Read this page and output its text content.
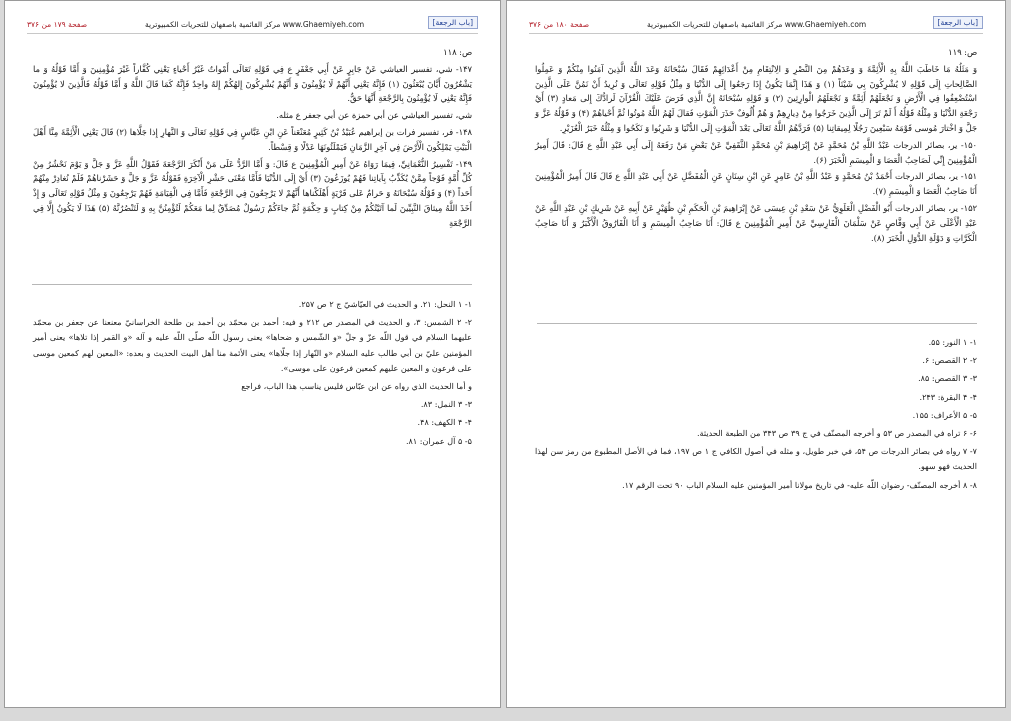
صفحة ۱۷۹ من ۳۷۶	مركز القائمية باصفهان للتحريات الكمبيوترية www.Ghaemiyeh.com	[باب الرجعة]

ص: ۱۱۸

۱۴۷- شي، تفسير العياشي عَنْ جَابِرٍ عَنْ أَبِي جَعْفَرٍ ع فِي قَوْلِهِ تَعَالَى أَمْواتٌ غَيْرُ أَحْياءٍ يَعْنِي كُفَّاراً غَيْرَ مُؤْمِنِينَ وَ أَمَّا قَوْلُهُ وَ ما يَشْعُرُونَ أَيَّانَ يُبْعَثُونَ (۱) فَإِنَّهُ يَعْنِي أَنَّهُمْ لَا يُؤْمِنُونَ وَ أَنَّهُمْ يُشْرِكُونَ إِلهُكُمْ إِلهٌ واحِدٌ فَإِنَّهُ كَمَا قَالَ اللَّهُ وَ أَمَّا قَوْلُهُ فَالَّذِينَ لا يُؤْمِنُونَ فَإِنَّهُ يَعْنِي لَا يُؤْمِنُونَ بِالرَّجْعَةِ أَنَّهَا حَقٌّ.

شي، تفسير العياشي عن أبي حمزة عن أبي جعفر ع مثله.

۱۴۸- فر، تفسير فرات بن إبراهيم عُبَيْدُ بْنُ كَثِيرٍ مُعَنْعَناً عَنِ ابْنِ عَبَّاسٍ فِي قَوْلِهِ تَعَالَى وَ النَّهارِ إِذا جَلَّاها (۲) قَالَ يَعْنِي الْأَئِمَّةَ مِنَّا أَهْلَ الْبَيْتِ يَمْلِكُونَ الْأَرْضَ فِي آخِرِ الزَّمَانِ فَيَمْلَئُونَهَا عَدْلًا وَ قِسْطاً.

۱۴۹- تَفْسِيرُ النُّعْمَانِيِّ، فِيمَا رَوَاهُ عَنْ أَمِيرِ الْمُؤْمِنِينَ ع قَالَ: وَ أَمَّا الرَّدُّ عَلَى مَنْ أَنْكَرَ الرَّجْعَةَ فَقَوْلُ اللَّهِ عَزَّ وَ جَلَّ وَ يَوْمَ نَحْشُرُ مِنْ كُلِّ أُمَّةٍ فَوْجاً مِمَّنْ يُكَذِّبُ بِآياتِنا فَهُمْ يُوزَعُونَ (۳) أَيْ إِلَى الدُّنْيَا فَأَمَّا مَعْنَى حَشْرِ الْآخِرَةِ فَقَوْلُهُ عَزَّ وَ جَلَّ وَ حَشَرْناهُمْ فَلَمْ نُغادِرْ مِنْهُمْ أَحَداً (۴) وَ قَوْلُهُ سُبْحَانَهُ وَ حَرامٌ عَلى قَرْيَةٍ أَهْلَكْناها أَنَّهُمْ لا يَرْجِعُونَ فِي الرَّجْعَةِ فَأَمَّا فِي الْقِيَامَةِ فَهُمْ يَرْجِعُونَ وَ مِثْلُ قَوْلِهِ تَعَالَى وَ إِذْ أَخَذَ اللَّهُ مِيثاقَ النَّبِيِّينَ لَما آتَيْتُكُمْ مِنْ كِتابٍ وَ حِكْمَةٍ ثُمَّ جاءَكُمْ رَسُولٌ مُصَدِّقٌ لِما مَعَكُمْ لَتُؤْمِنُنَّ بِهِ وَ لَتَنْصُرُنَّهُ (۵) هَذَا لَا يَكُونُ إِلَّا فِي الرَّجْعَةِ

۱- ۱ النحل: ۲۱. و الحديث في العيّاشيّ ج ۲ ص ۲۵۷.

۲- ۲ الشمس: ۳، و الحديث في المصدر ص ۲۱۲ و فيه: أحمد بن محمّد بن أحمد بن طلحة الخراسانيّ معنعنا عن جعفر بن محمّد عليهما السلام في قول اللّه عزّ و جلّ «و الشّمس و ضحاها» يعنى رسول اللّه صلّى اللّه عليه و آله «و القمر إذا تلاها» يعنى أمير المؤمنين عليّ بن أبي طالب عليه السلام «و النّهار إذا جلّاها» يعنى الأئمة منا أهل البيت الحديث و بعده: «المعين لهم كمعين موسى على فرعون و المعين عليهم كمعين فرعون على موسى».

و أما الحديث الذي رواه عن ابن عبّاس فليس يناسب هذا الباب، فراجع

۳- ۳ النمل: ۸۳.

۴- ۴ الكهف: ۴۸.

۵- ۵ آل عمران: ۸۱.

صفحة ۱۸۰ من ۳۷۶	مركز القائمية باصفهان للتحريات الكمبيوترية www.Ghaemiyeh.com	[باب الرجعة]

ص: ۱۱۹

وَ مَثَلُهُ مَا خَاطَبَ اللَّهُ بِهِ الْأَئِمَّةَ وَ وَعَدَهُمْ مِنَ النَّصْرِ وَ الِانْتِقَامِ مِنْ أَعْدَائِهِمْ فَقَالَ سُبْحَانَهُ وَعَدَ اللَّهُ الَّذِينَ آمَنُوا مِنْكُمْ وَ عَمِلُوا الصَّالِحاتِ إِلَى قَوْلِهِ لا يُشْرِكُونَ بِي شَيْئاً (۱) وَ هَذَا إِنَّمَا يَكُونُ إِذَا رَجَعُوا إِلَى الدُّنْيَا وَ مِثْلُ قَوْلِهِ تَعَالَى وَ نُرِيدُ أَنْ نَمُنَّ عَلَى الَّذِينَ اسْتُضْعِفُوا فِي الْأَرْضِ وَ نَجْعَلَهُمْ أَئِمَّةً وَ نَجْعَلَهُمُ الْوارِثِينَ (۲) وَ قَوْلِهِ سُبْحَانَهُ إِنَّ الَّذِي فَرَضَ عَلَيْكَ الْقُرْآنَ لَرادُّكَ إِلى مَعادٍ (۳) أَيْ رَجْعَةِ الدُّنْيَا وَ مِثْلُهُ قَوْلُهُ أَ لَمْ تَرَ إِلَى الَّذِينَ خَرَجُوا مِنْ دِيارِهِمْ وَ هُمْ أُلُوفٌ حَذَرَ الْمَوْتِ فَقالَ لَهُمُ اللَّهُ مُوتُوا ثُمَّ أَحْياهُمْ (۴) وَ قَوْلُهُ عَزَّ وَ جَلَّ وَ اخْتارَ مُوسى قَوْمَهُ سَبْعِينَ رَجُلًا لِمِيقاتِنا (۵) فَرَدَّهُمُ اللَّهُ تَعَالَى بَعْدَ الْمَوْتِ إِلَى الدُّنْيَا وَ شَرِبُوا وَ نَكَحُوا وَ مِثْلُهُ خَبَرُ الْعُزَيْرِ.

۱۵۰- ير، بصائر الدرجات عَبْدُ اللَّهِ بْنُ مُحَمَّدٍ عَنْ إِبْرَاهِيمَ بْنِ مُحَمَّدٍ الثَّقَفِيِّ عَنْ بَعْضِ مَنْ رَفَعَهُ إِلَى أَبِي عَبْدِ اللَّهِ ع قَالَ: قَالَ أَمِيرُ الْمُؤْمِنِينَ إِنِّي لَصَاحِبُ الْعَصَا وَ الْمِيسَمِ الْخَبَرَ (۶).

۱۵۱- ير، بصائر الدرجات أَحْمَدُ بْنُ مُحَمَّدٍ وَ عَبْدُ اللَّهِ بْنُ عَامِرٍ عَنِ ابْنِ سِنَانٍ عَنِ الْمُفَضَّلِ عَنْ أَبِي عَبْدِ اللَّهِ ع قَالَ قَالَ أَمِيرُ الْمُؤْمِنِينَ أَنَا صَاحِبُ الْعَصَا وَ الْمِيسَمِ (۷).

۱۵۲- ير، بصائر الدرجات أَبُو الْفَضْلِ الْعَلَوِيُّ عَنْ سَعْدِ بْنِ عِيسَى عَنْ إِبْرَاهِيمَ بْنِ الْحَكَمِ بْنِ ظُهَيْرٍ عَنْ أَبِيهِ عَنْ شَرِيكٍ بْنِ عَبْدِ اللَّهِ عَنْ عَبْدِ الْأَعْلَى عَنْ أَبِي وَقَّاصٍ عَنْ سَلْمَانَ الْفَارِسِيِّ عَنْ أَمِيرِ الْمُؤْمِنِينَ ع قَالَ: أَنَا صَاحِبُ الْمِيسَمِ وَ أَنَا الْفَارُوقُ الْأَكْبَرُ وَ أَنَا صَاحِبُ الْكَرَّاتِ وَ دَوْلَةِ الدُّوَلِ الْخَبَرَ (۸).

۱- ۱ النور: ۵۵.

۲- ۲ القصص: ۶.

۳- ۳ القصص: ۸۵.

۴- ۴ البقرة: ۲۴۳.

۵- ۵ الأعراف: ۱۵۵.

۶- ۶ تراه في المصدر ص ۵۳ و أخرجه المصنّف في ج ۳۹ ص ۳۴۳ من الطبعة الحديثة.

۷- ۷ رواه في بصائر الدرجات ص ۵۴، في خبر طويل، و مثله في أصول الكافي ج ۱ ص ۱۹۷، فما في الأصل المطبوع من رمز سن لهذا الحديث فهو سهو.

۸- ۸ أخرجه المصنّف- رضوان اللّه عليه- في تاريخ مولانا أمير المؤمنين عليه السلام الباب ۹۰ تحت الرقم ۱۷.
